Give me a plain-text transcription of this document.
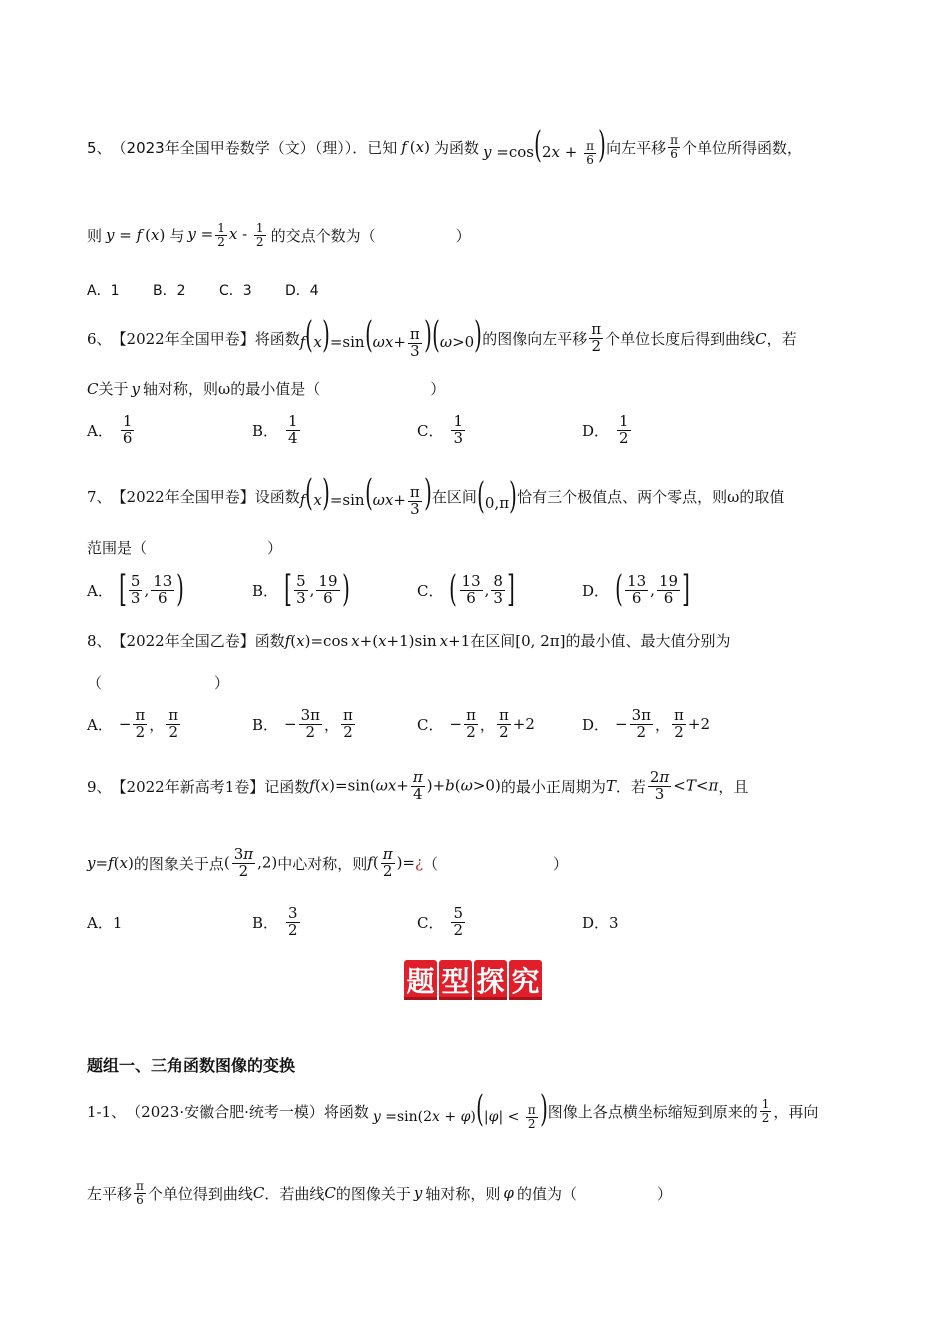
5、 （2023年全国甲卷数学（文）（理））．已知 f (x) 为函数 $y =\cos(2x + \frac{\pi}{6}$ ) 向左平移 $\frac{\pi}{6}$ 个单位所得函数，
则 y = f (x) 与 $y = \frac{1}{2}$ x - $\frac{1}{2}$ 的交点个数为（	）
A．1	B．2	C．3	D．4
6、 【2022年全国甲卷】将函数 $f(x)=\sin(\omega x+ \frac{\pi}{3} )(\omega>0)$ 的图像向左平移 $\frac{\pi}{2}$ 个单位长度后得到曲线 C ，若
C 关于 y 轴对称，则ω的最小值是（	）
A． $\frac{1}{6}$	B． $\frac{1}{4}$	C． $\frac{1}{3}$	D． $\frac{1}{2}$
7、 【2022年全国甲卷】设函数 $f(x)=\sin(\omega x+ \frac{\pi}{3}$ ) 在区间 (0,π) 恰有三个极值点、两个零点，则ω的取值
范围是（	）
A． [ $\frac{5}{3}$ , $\frac{13}{6}$ )	B． [ $\frac{5}{3}$ , $\frac{19}{6}$ )	C． ( $\frac{13}{6}$ , $\frac{8}{3}$ ]	D． ( $\frac{13}{6}$ , $\frac{19}{6}$ ]
8、 【2022年全国乙卷】函数 f(x)=cos x+(x+1)sin x+1 在区间 [0, 2π] 的最小值、最大值分别为
（	）
A． − $\frac{\pi}{2}$ ， $\frac{\pi}{2}$	B． − $\frac{3\pi}{2}$ ， $\frac{\pi}{2}$	C． − $\frac{\pi}{2}$ ， $\frac{\pi}{2} +2$	D． − $\frac{3\pi}{2}$ ， $\frac{\pi}{2} +2$
9、 【2022年新高考1卷】记函数 $f(x)=\sin(\omega x+ \frac{\pi}{4} )+b(\omega>0)$ 的最小正周期为 T ．若 $\frac{2\pi}{3} <T<\pi$ ，且
y=f(x) 的图象关于点 ( $\frac{3\pi}{2} ,2$) 中心对称，则 $f( \frac{\pi}{2}$ )=¿ （	）
A．1	B． $\frac{3}{2}$	C． $\frac{5}{2}$	D．3
题 型 探 究
题组一、三角函数图像的变换
1-1、 （2023·安徽合肥·统考一模）将函数 $y =\sin(2x + \varphi)(|\varphi| < \frac{\pi}{2}$ ) 图像上各点横坐标缩短到原来的 $\frac{1}{2}$ ，再向
左平移 $\frac{\pi}{6}$ 个单位得到曲线 C ．若曲线 C 的图像关于 y 轴对称，则 φ 的值为（	）
